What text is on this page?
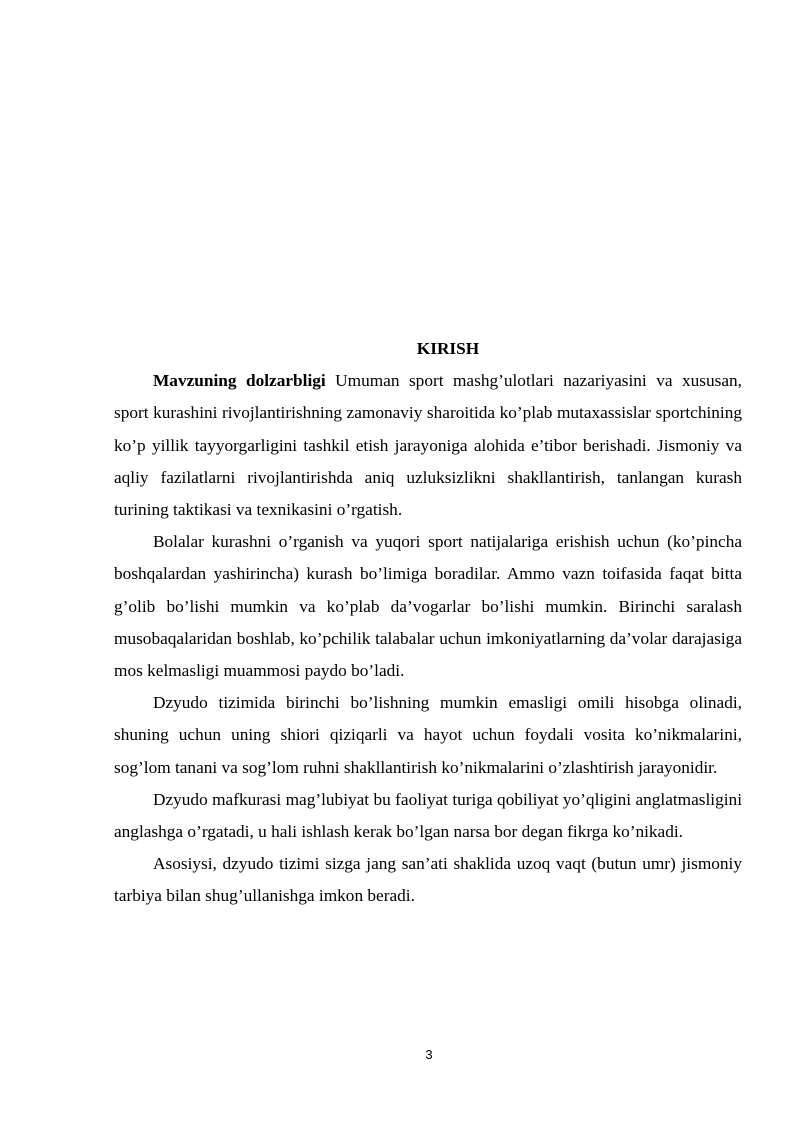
KIRISH

Mavzuning dolzarbligi Umuman sport mashg’ulotlari nazariyasini va xususan, sport kurashini rivojlantirishning zamonaviy sharoitida ko’plab mutaxassislar sportchining ko’p yillik tayyorgarligini tashkil etish jarayoniga alohida e’tibor berishadi. Jismoniy va aqliy fazilatlarni rivojlantirishda aniq uzluksizlikni shakllantirish, tanlangan kurash turining taktikasi va texnikasini o’rgatish.

Bolalar kurashni o’rganish va yuqori sport natijalariga erishish uchun (ko’pincha boshqalardan yashirincha) kurash bo’limiga boradilar. Ammo vazn toifasida faqat bitta g’olib bo’lishi mumkin va ko’plab da’vogarlar bo’lishi mumkin. Birinchi saralash musobaqalaridan boshlab, ko’pchilik talabalar uchun imkoniyatlarning da’volar darajasiga mos kelmasligi muammosi paydo bo’ladi.

Dzyudo tizimida birinchi bo’lishning mumkin emasligi omili hisobga olinadi, shuning uchun uning shiori qiziqarli va hayot uchun foydali vosita ko’nikmalarini, sog’lom tanani va sog’lom ruhni shakllantirish ko’nikmalarini o’zlashtirish jarayonidir.

Dzyudo mafkurasi mag’lubiyat bu faoliyat turiga qobiliyat yo’qligini anglatmasligini anglashga o’rgatadi, u hali ishlash kerak bo’lgan narsa bor degan fikrga ko’nikadi.

Asosiysi, dzyudo tizimi sizga jang san’ati shaklida uzoq vaqt (butun umr) jismoniy tarbiya bilan shug’ullanishga imkon beradi.

3
